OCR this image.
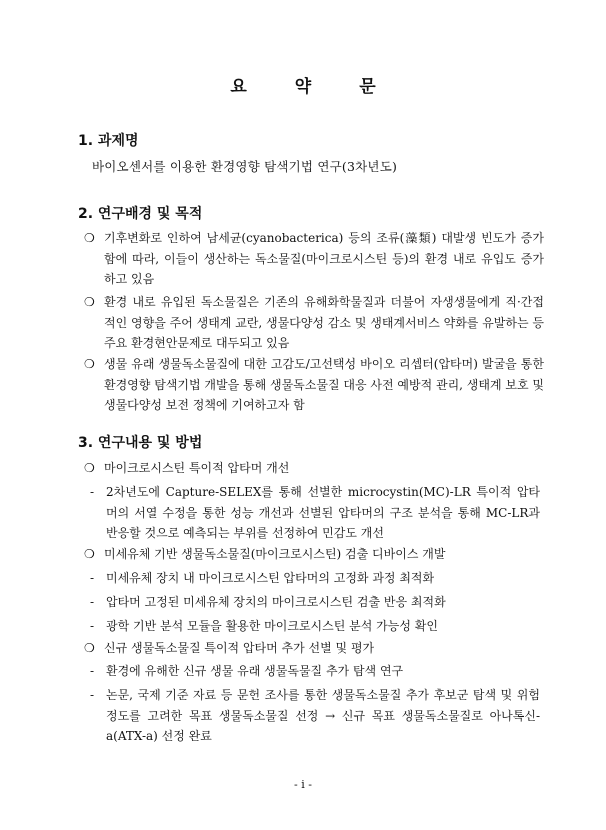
요	약	문
1. 과제명
바이오센서를 이용한 환경영향 탐색기법 연구(3차년도)
2. 연구배경 및 목적
❍ 기후변화로 인하여 남세균(cyanobacterica) 등의 조류(藻類) 대발생 빈도가 증가함에 따라, 이들이 생산하는 독소물질(마이크로시스틴 등)의 환경 내로 유입도 증가하고 있음
❍ 환경 내로 유입된 독소물질은 기존의 유해화학물질과 더불어 자생생물에게 직·간접적인 영향을 주어 생태계 교란, 생물다양성 감소 및 생태계서비스 약화를 유발하는 등 주요 환경현안문제로 대두되고 있음
❍ 생물 유래 생물독소물질에 대한 고감도/고선택성 바이오 리셉터(압타머) 발굴을 통한 환경영향 탐색기법 개발을 통해 생물독소물질 대응 사전 예방적 관리, 생태계 보호 및 생물다양성 보전 정책에 기여하고자 함
3. 연구내용 및 방법
❍ 마이크로시스틴 특이적 압타머 개선
- 2차년도에 Capture-SELEX를 통해 선별한 microcystin(MC)-LR 특이적 압타머의 서열 수정을 통한 성능 개선과 선별된 압타머의 구조 분석을 통해 MC-LR과 반응할 것으로 예측되는 부위를 선정하여 민감도 개선
❍ 미세유체 기반 생물독소물질(마이크로시스틴) 검출 디바이스 개발
- 미세유체 장치 내 마이크로시스틴 압타머의 고정화 과정 최적화
- 압타머 고정된 미세유체 장치의 마이크로시스틴 검출 반응 최적화
- 광학 기반 분석 모듈을 활용한 마이크로시스틴 분석 가능성 확인
❍ 신규 생물독소물질 특이적 압타머 추가 선별 및 평가
- 환경에 유해한 신규 생물 유래 생물독물질 추가 탐색 연구
- 논문, 국제 기준 자료 등 문헌 조사를 통한 생물독소물질 추가 후보군 탐색 및 위험 정도를 고려한 목표 생물독소물질 선정 → 신규 목표 생물독소물질로 아나톡신-a(ATX-a) 선정 완료
- i -
